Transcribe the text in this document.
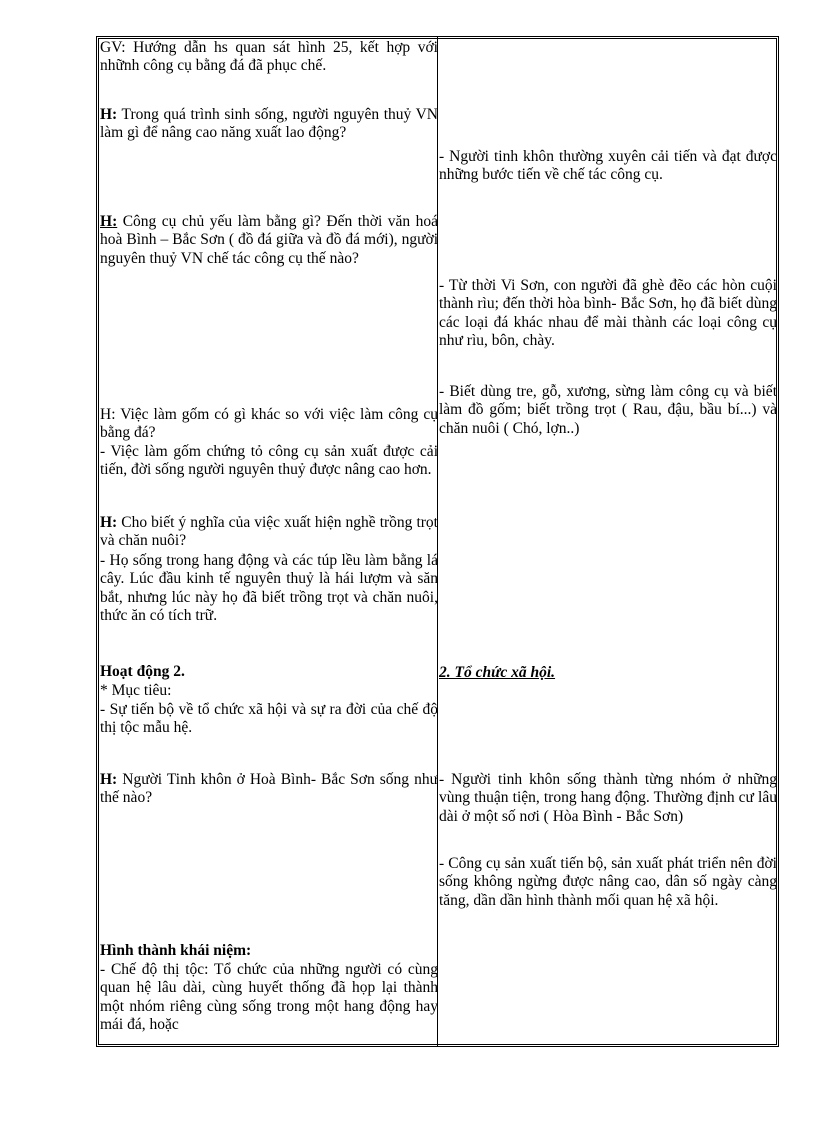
GV: Hướng dẫn hs quan sát hình 25, kết hợp với nhữnh công cụ bằng đá đã phục chế.

H: Trong quá trình sinh sống, người nguyên thuỷ VN làm gì để nâng cao năng xuất lao động?

H: Công cụ chủ yếu làm bằng gì? Đến thời văn hoá hoà Bình – Bắc Sơn ( đồ đá giữa và đồ đá mới), người nguyên thuỷ VN chế tác công cụ thế nào?

H: Việc làm gốm có gì khác so với việc làm công cụ bằng đá?

- Việc làm gốm chứng tỏ công cụ sản xuất được cải tiến, đời sống người nguyên thuỷ được nâng cao hơn.

H: Cho biết ý nghĩa của việc xuất hiện nghề trồng trọt và chăn nuôi?

- Họ sống trong hang động và các túp lều làm bằng lá cây. Lúc đầu kinh tế nguyên thuỷ là hái lượm và săn bắt, nhưng lúc này họ đã biết trồng trọt và chăn nuôi, thức ăn có tích trữ.

Hoạt động 2.

* Mục tiêu:

- Sự tiến bộ về tổ chức xã hội và sự ra đời của chế độ thị tộc mẫu hệ.

H: Người Tinh khôn ở Hoà Bình- Bắc Sơn sống như thế nào?

Hình thành khái niệm:

- Chế độ thị tộc: Tổ chức của những người có cùng quan hệ lâu dài, cùng huyết thống đã họp lại thành một nhóm riêng cùng sống trong một hang động hay mái đá, hoặc

- Người tinh khôn thường xuyên cải tiến và đạt được những bước tiến về chế tác công cụ.

- Từ thời Vi Sơn, con người đã ghè đẽo các hòn cuội thành rìu; đến thời hòa bình- Bắc Sơn, họ đã biết dùng các loại đá khác nhau để mài thành các loại công cụ như rìu, bôn, chày.

- Biết dùng tre, gỗ, xương, sừng làm công cụ và biết làm đồ gốm; biết trồng trọt ( Rau, đậu, bầu bí...) và chăn nuôi ( Chó, lợn..)

2. Tổ chức xã hội.

- Người tinh khôn sống thành từng nhóm ở những vùng thuận tiện, trong hang động. Thường định cư lâu dài ở một số nơi ( Hòa Bình - Bắc Sơn)

- Công cụ sản xuất tiến bộ, sản xuất phát triển nên đời sống không ngừng được nâng cao, dân số ngày càng tăng, dần dần hình thành mối quan hệ xã hội.
